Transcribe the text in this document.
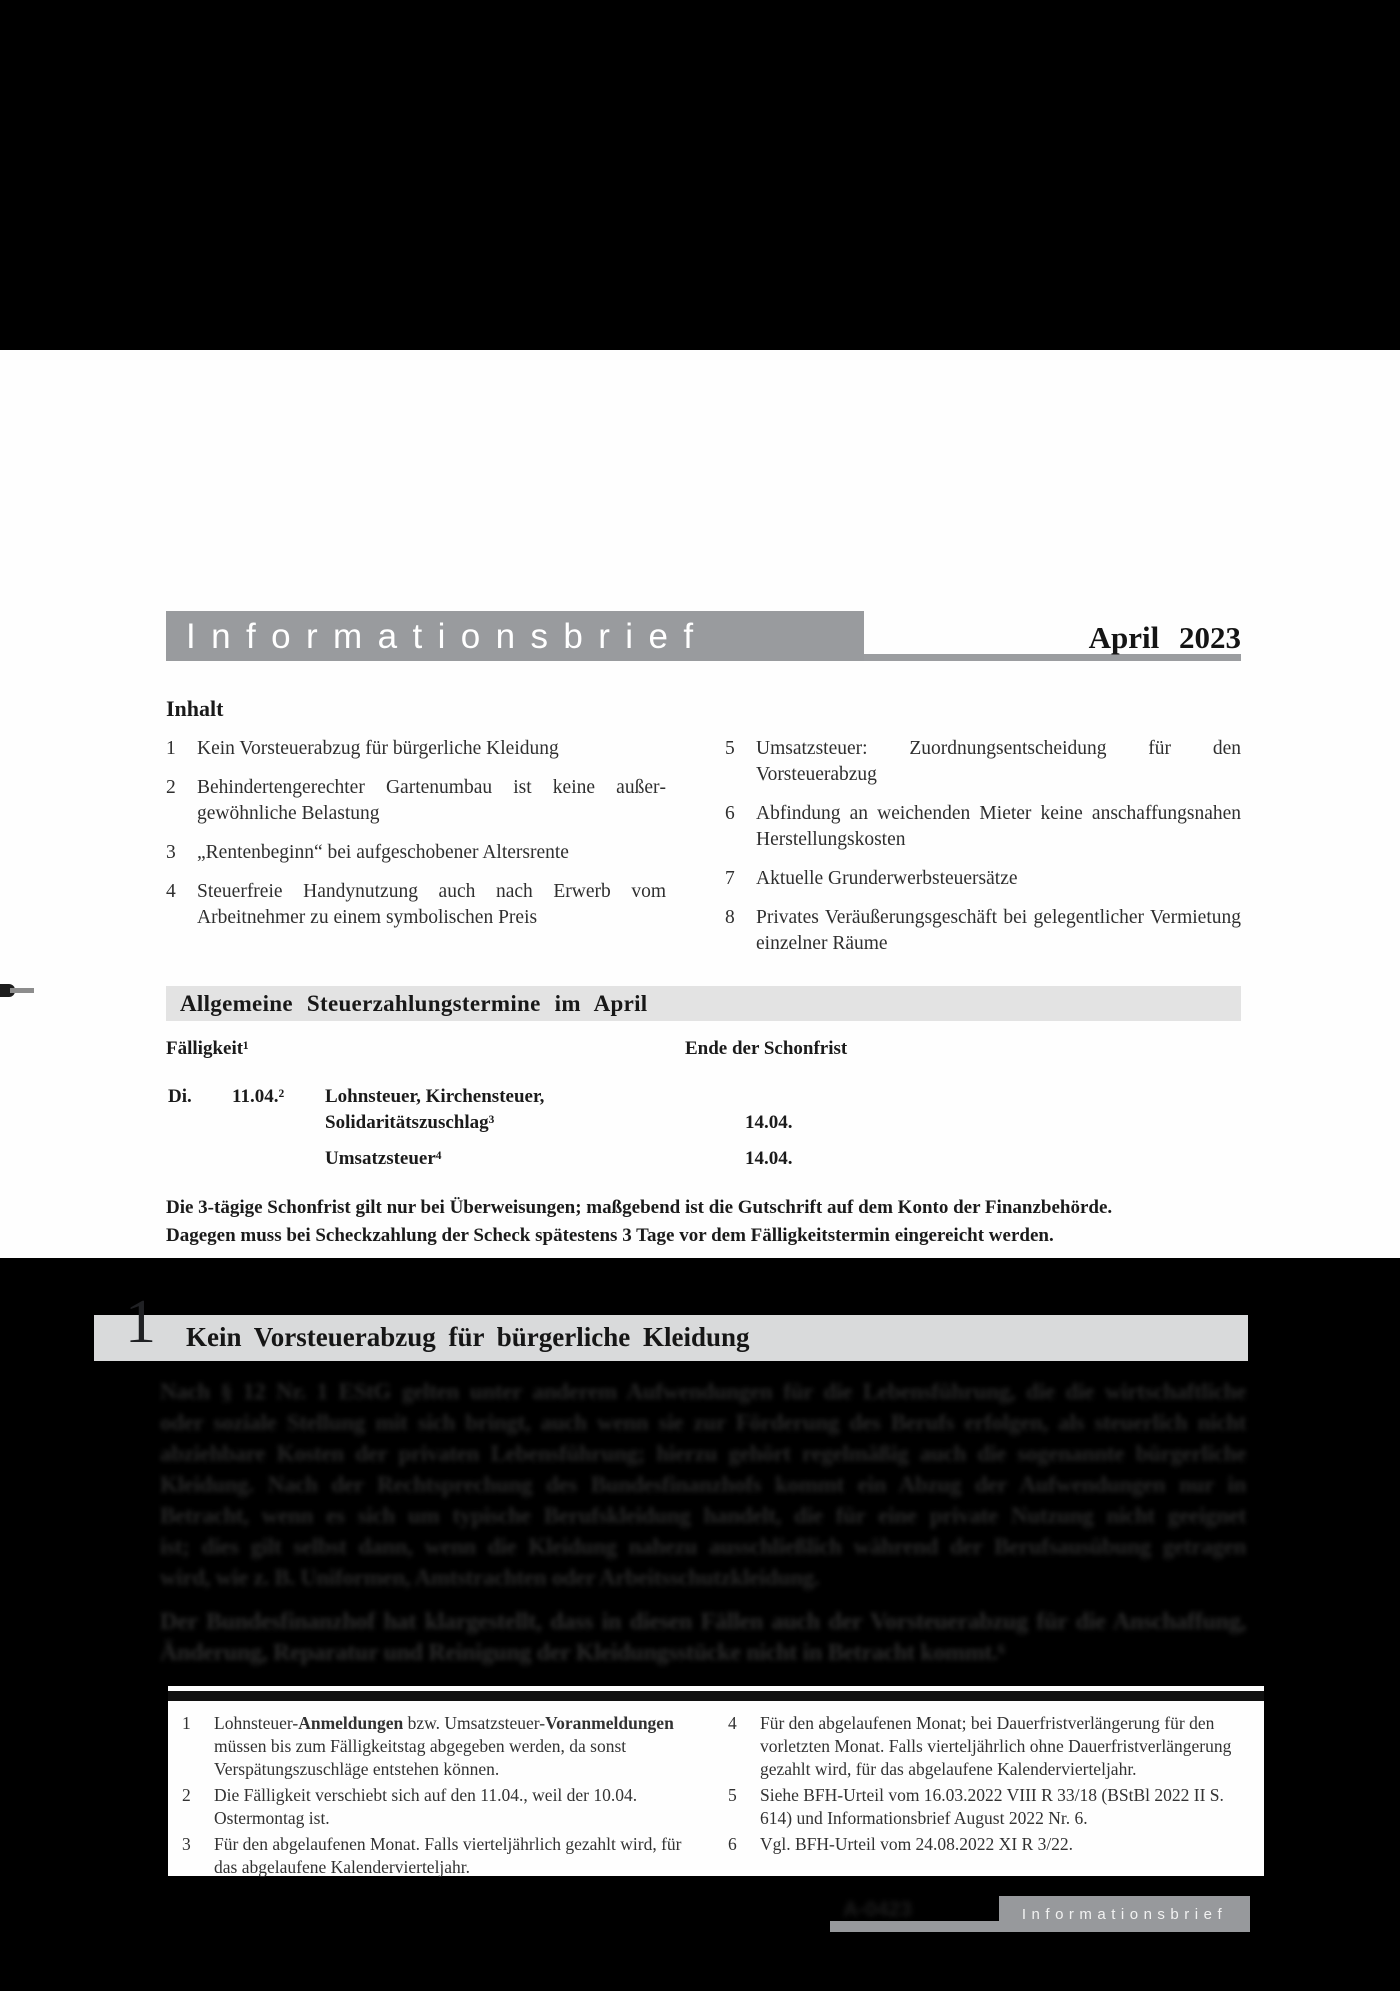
Informationsbrief	April 2023
Inhalt
1	Kein Vorsteuerabzug für bürgerliche Kleidung
2	Behindertengerechter Gartenumbau ist keine außergewöhnliche Belastung
3	„Rentenbeginn“ bei aufgeschobener Altersrente
4	Steuerfreie Handynutzung auch nach Erwerb vom Arbeitnehmer zu einem symbolischen Preis
5	Umsatzsteuer: Zuordnungsentscheidung für den Vorsteuerabzug
6	Abfindung an weichenden Mieter keine anschaffungsnahen Herstellungskosten
7	Aktuelle Grunderwerbsteuersätze
8	Privates Veräußerungsgeschäft bei gelegentlicher Vermietung einzelner Räume
Allgemeine Steuerzahlungstermine im April
Fälligkeit¹	Ende der Schonfrist
Di. 11.04.² Lohnsteuer, Kirchensteuer,
Solidaritätszuschlag³	14.04.
Umsatzsteuer⁴	14.04.
Die 3-tägige Schonfrist gilt nur bei Überweisungen; maßgebend ist die Gutschrift auf dem Konto der Finanzbehörde.
Dagegen muss bei Scheckzahlung der Scheck spätestens 3 Tage vor dem Fälligkeitstermin eingereicht werden.
1 Kein Vorsteuerabzug für bürgerliche Kleidung
Nach § 12 Nr. 1 EStG gelten unter anderem Aufwendungen für die Lebensführung, die die wirtschaftliche
oder soziale Stellung mit sich bringt, auch wenn sie zur Förderung des Berufs erfolgen, als steuerlich nicht
abziehbare Kosten der privaten Lebensführung; hierzu gehört regelmäßig auch die sogenannte bürgerliche
Kleidung. Nach der Rechtsprechung des Bundesfinanzhofs kommt ein Abzug der Aufwendungen nur in
Betracht, wenn es sich um typische Berufskleidung handelt, die für eine private Nutzung nicht geeignet
ist; dies gilt selbst dann, wenn die Kleidung nahezu ausschließlich während der Berufsausübung getragen
wird, wie z. B. Uniformen, Amtstrachten oder Arbeitsschutzkleidung.
Der Bundesfinanzhof hat klargestellt, dass in diesen Fällen auch der Vorsteuerabzug für die Anschaffung,
Änderung, Reparatur und Reinigung der Kleidungsstücke nicht in Betracht kommt.⁶
1	Lohnsteuer-Anmeldungen bzw. Umsatzsteuer-Voranmeldungen müssen bis zum Fälligkeitstag abgegeben werden, da sonst Verspätungszuschläge entstehen können.
2	Die Fälligkeit verschiebt sich auf den 11.04., weil der 10.04. Ostermontag ist.
3	Für den abgelaufenen Monat. Falls vierteljährlich gezahlt wird, für das abgelaufene Kalendervierteljahr.
4	Für den abgelaufenen Monat; bei Dauerfristverlängerung für den vorletzten Monat. Falls vierteljährlich ohne Dauerfristverlängerung gezahlt wird, für das abgelaufene Kalendervierteljahr.
5	Siehe BFH-Urteil vom 16.03.2022 VIII R 33/18 (BStBl 2022 II S. 614) und Informationsbrief August 2022 Nr. 6.
6	Vgl. BFH-Urteil vom 24.08.2022 XI R 3/22.
A-0423	Informationsbrief
